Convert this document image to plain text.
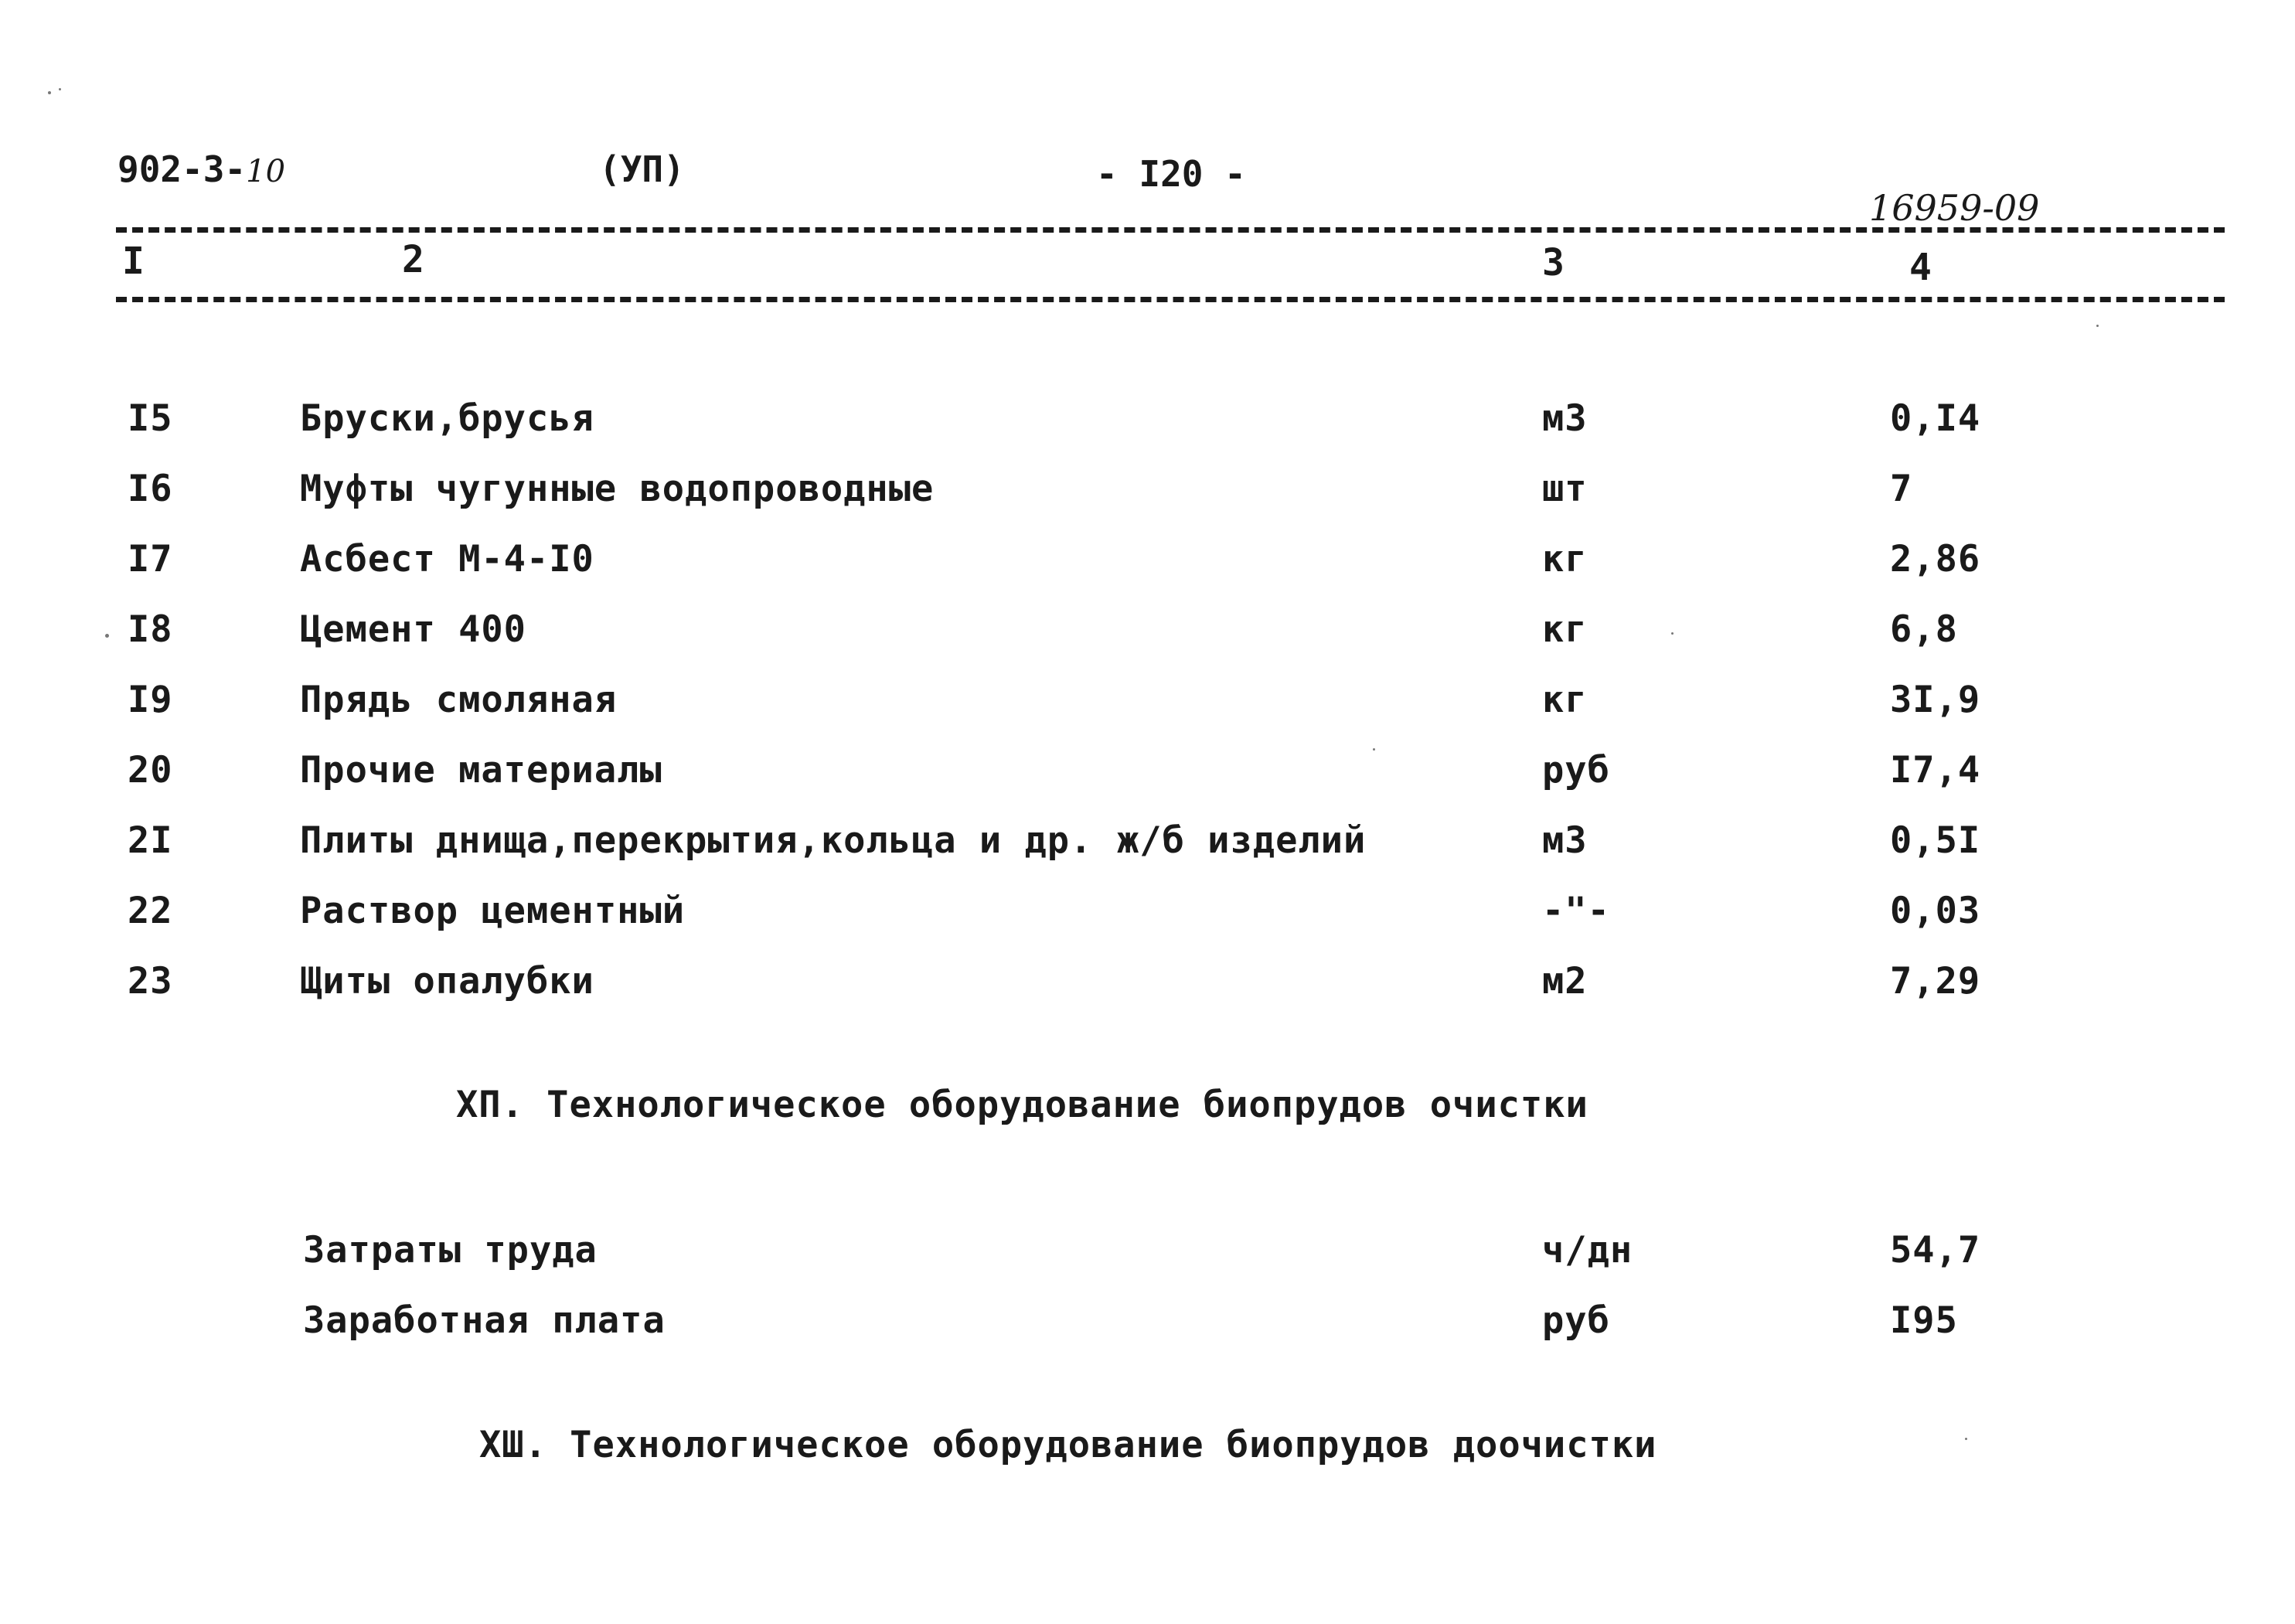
902-3-10	(УП)	- I20 -
16959-09
I	2	3	4
I5	Бруски,брусья	м3	0,I4
I6	Муфты чугунные водопроводные	шт	7
I7	Асбест М-4-I0	кг	2,86
I8	Цемент 400	кг	6,8
I9	Прядь смоляная	кг	3I,9
20	Прочие материалы	руб	I7,4
2I	Плиты днища,перекрытия,кольца и др. ж/б изделий	м3	0,5I
22	Раствор цементный	-"-	0,03
23	Щиты опалубки	м2	7,29
XП. Технологическое оборудование биопрудов очистки
Затраты труда	ч/дн	54,7
Заработная плата	руб	I95
XШ. Технологическое оборудование биопрудов доочистки
